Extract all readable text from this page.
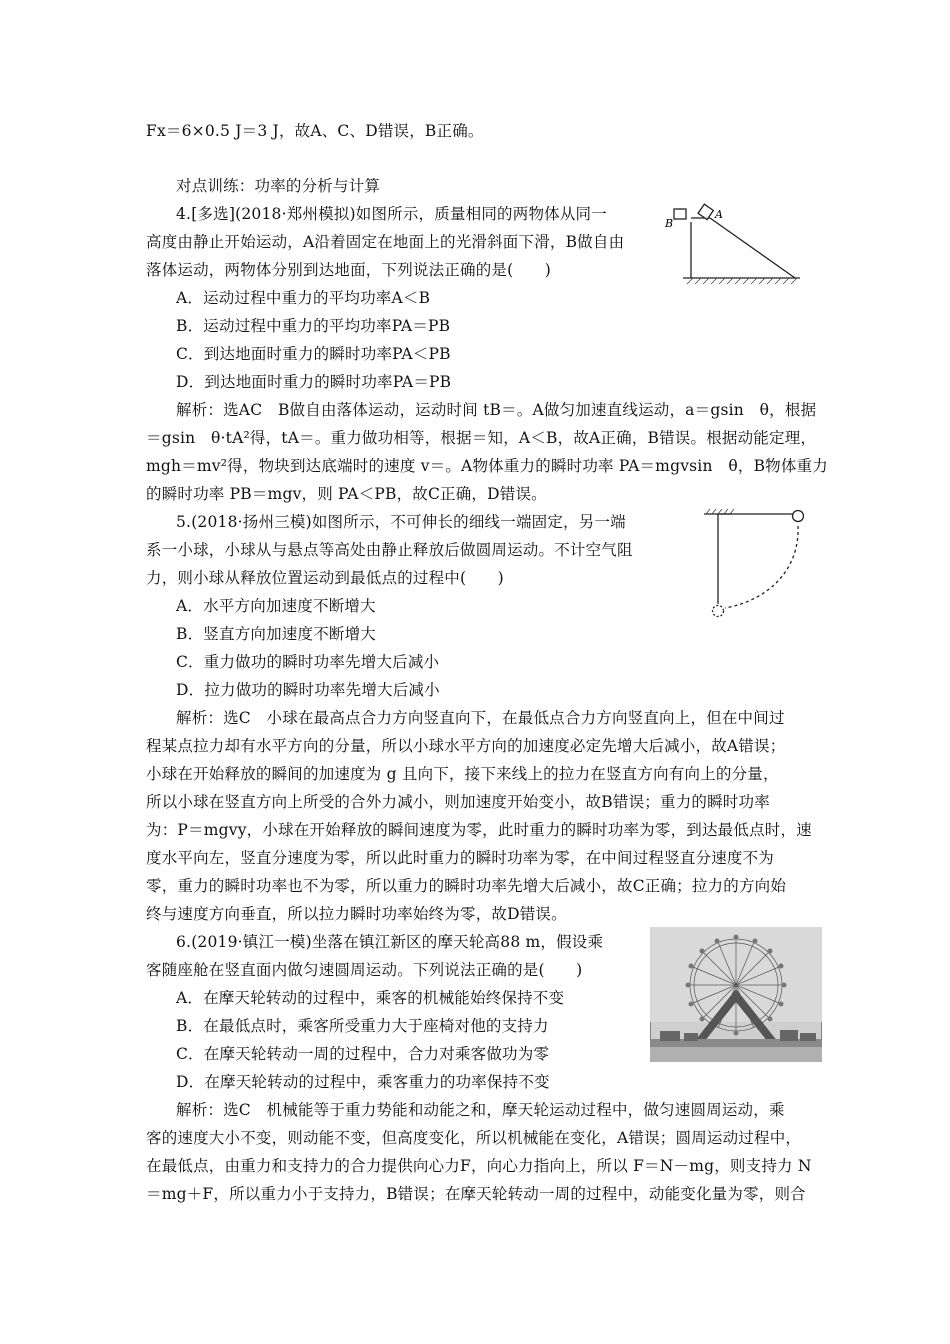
Fx＝6×0.5 J＝3 J，故A、C、D错误，B正确。
对点训练：功率的分析与计算
4.[多选](2018·郑州模拟)如图所示，质量相同的两物体从同一
高度由静止开始运动，A沿着固定在地面上的光滑斜面下滑，B做自由
落体运动，两物体分别到达地面，下列说法正确的是(　　)
A．运动过程中重力的平均功率A＜B
B．运动过程中重力的平均功率PA＝PB
C．到达地面时重力的瞬时功率PA＜PB
D．到达地面时重力的瞬时功率PA＝PB
解析：选AC　B做自由落体运动，运动时间 tB＝。A做匀加速直线运动，a＝gsin　θ，根据
＝gsin　θ·tA²得，tA＝。重力做功相等，根据＝知，A＜B，故A正确，B错误。根据动能定理，
mgh＝mv²得，物块到达底端时的速度 v＝。A物体重力的瞬时功率 PA＝mgvsin　θ，B物体重力
的瞬时功率 PB＝mgv，则 PA＜PB，故C正确，D错误。
5.(2018·扬州三模)如图所示，不可伸长的细线一端固定，另一端
系一小球，小球从与悬点等高处由静止释放后做圆周运动。不计空气阻
力，则小球从释放位置运动到最低点的过程中(　　)
A．水平方向加速度不断增大
B．竖直方向加速度不断增大
C．重力做功的瞬时功率先增大后减小
D．拉力做功的瞬时功率先增大后减小
解析：选C　小球在最高点合力方向竖直向下，在最低点合力方向竖直向上，但在中间过
程某点拉力却有水平方向的分量，所以小球水平方向的加速度必定先增大后减小，故A错误；
小球在开始释放的瞬间的加速度为 g 且向下，接下来线上的拉力在竖直方向有向上的分量，
所以小球在竖直方向上所受的合外力减小，则加速度开始变小，故B错误；重力的瞬时功率
为：P＝mgvy，小球在开始释放的瞬间速度为零，此时重力的瞬时功率为零，到达最低点时，速
度水平向左，竖直分速度为零，所以此时重力的瞬时功率为零，在中间过程竖直分速度不为
零，重力的瞬时功率也不为零，所以重力的瞬时功率先增大后减小，故C正确；拉力的方向始
终与速度方向垂直，所以拉力瞬时功率始终为零，故D错误。
6.(2019·镇江一模)坐落在镇江新区的摩天轮高88 m，假设乘
客随座舱在竖直面内做匀速圆周运动。下列说法正确的是(　　)
A．在摩天轮转动的过程中，乘客的机械能始终保持不变
B．在最低点时，乘客所受重力大于座椅对他的支持力
C．在摩天轮转动一周的过程中，合力对乘客做功为零
D．在摩天轮转动的过程中，乘客重力的功率保持不变
解析：选C　机械能等于重力势能和动能之和，摩天轮运动过程中，做匀速圆周运动，乘
客的速度大小不变，则动能不变，但高度变化，所以机械能在变化，A错误；圆周运动过程中，
在最低点，由重力和支持力的合力提供向心力F，向心力指向上，所以 F＝N－mg，则支持力 N
＝mg＋F，所以重力小于支持力，B错误；在摩天轮转动一周的过程中，动能变化量为零，则合
A
B
